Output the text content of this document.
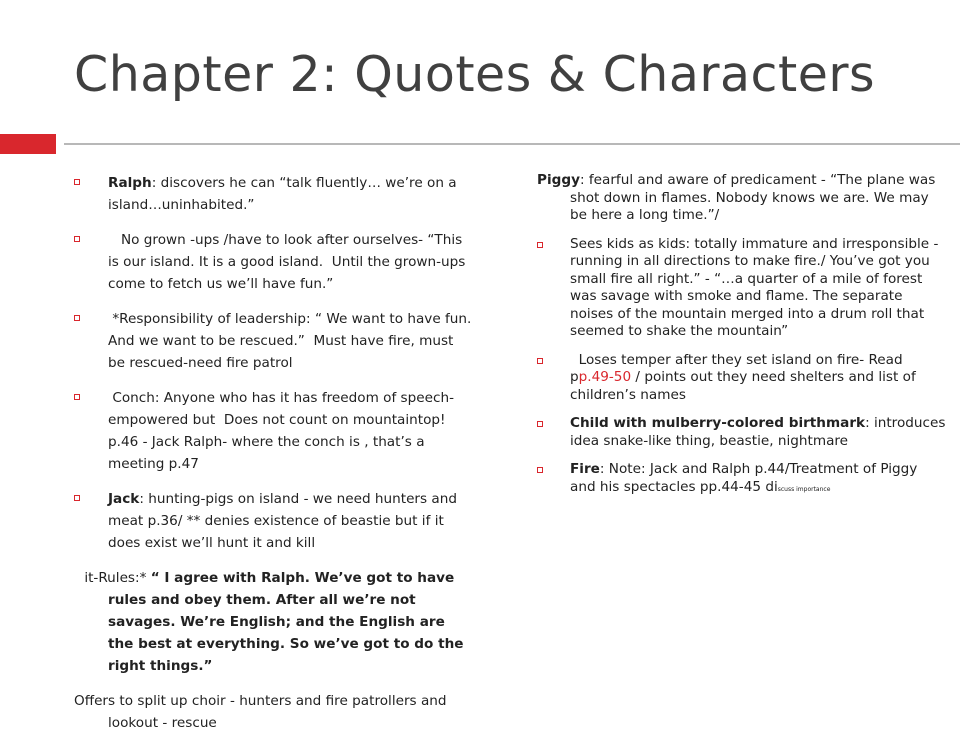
Chapter 2: Quotes & Characters
Ralph: discovers he can “talk fluently… we’re on a island…uninhabited.”
No grown -ups /have to look after ourselves- “This is our island. It is a good island.  Until the grown-ups come to fetch us we’ll have fun.”
*Responsibility of leadership: “ We want to have fun.  And we want to be rescued.”  Must have fire, must be rescued-need fire patrol
Conch: Anyone who has it has freedom of speech-empowered but  Does not count on mountaintop! p.46 - Jack Ralph- where the conch is , that’s a meeting p.47
Jack: hunting-pigs on island - we need hunters and meat p.36/ ** denies existence of beastie but if it does exist we’ll hunt it and kill

it-Rules:* “ I agree with Ralph. We’ve got to have rules and obey them. After all we’re not savages. We’re English; and the English are the best at everything. So we’ve got to do the right things.”

Offers to split up choir - hunters and fire patrollers and lookout - rescue

Piggy: fearful and aware of predicament - “The plane was shot down in flames. Nobody knows we are. We may be here a long time.”/

Sees kids as kids: totally immature and irresponsible - running in all directions to make fire./ You’ve got you small fire all right.” - “…a quarter of a mile of forest was savage with smoke and flame. The separate noises of the mountain merged into a drum roll that seemed to shake the mountain”
Loses temper after they set island on fire- Read pp.49-50 / points out they need shelters and list of children’s names
Child with mulberry-colored birthmark: introduces idea snake-like thing, beastie, nightmare
Fire: Note: Jack and Ralph p.44/Treatment of Piggy and his spectacles pp.44-45 discuss importance
